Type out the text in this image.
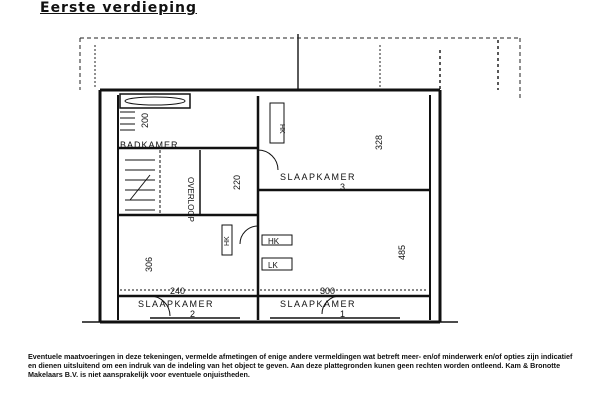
Eerste verdieping
BADKAMER
OVERLOOP	SLAAPKAMER
3
SLAAPKAMER
2
SLAAPKAMER
1
200
328
220
306
485
240	300
HK
HK
HK
LK
Eventuele maatvoeringen in deze tekeningen, vermelde afmetingen of enige andere vermeldingen wat betreft meer- en/of minderwerk en/of opties zijn indicatief en dienen uitsluitend om een indruk van de indeling van het object te geven. Aan deze plattegronden kunen geen rechten worden ontleend. Kam & Bronotte Makelaars B.V. is niet aansprakelijk voor eventuele onjuistheden.
